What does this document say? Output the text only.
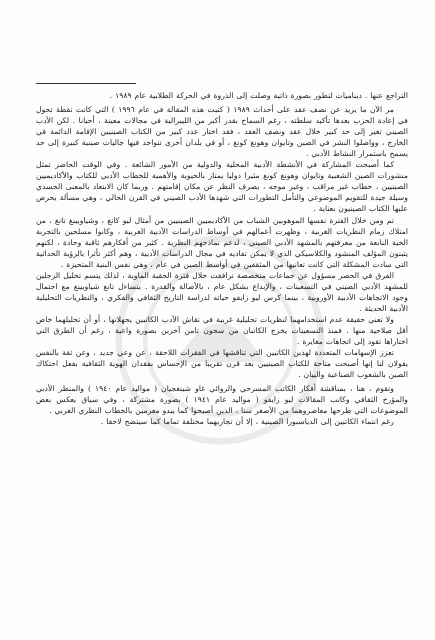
التراجع عنها . ديناميات لتطور بصورة ذاتية وصلت إلى الذروة في الحركة الطلابية عام ١٩٨٩ .

مر الآن ما يزيد عن نصف عقد على أحداث ١٩٨٩ ( كتبت هذه المقالة في عام ١٩٩٦ ) التي كانت نقطة تحول في إعادة الحزب بعدها تأكيد سلطته ، رغم السماح بقدر أكبر من الليبرالية في مجالات معينة ، أحيانا . لكن الأدب الصيني تغير إلى حد كبير خلال عقد ونصف العقد ، فقد اختار عدد كبير من الكتاب الصينيين الإقامة الدائمة في الخارج ، وواصلوا النشر في الصين وتايوان وهونغ كونغ ، أو في بلدان أخرى تتواجد فيها جاليات صينية كبيرة إلى حد يسمح باستمرار النشاط الأدبي .

كما أصبحت المشاركة في الأنشطة الأدبية المحلية والدولية من الأمور الشائعة . وفي الوقت الحاضر تمثل منشورات الصين الشعبية وتايوان وهونغ كونغ مثيرا دوليا يمتاز بالحيوية والأهمية للخطاب الأدبي للكتاب والأكاديميين الصينيين ، خطاب غير مراقب ، وغير موجه ، بصرف النظر عن مكان إقامتهم . وربما كان الابتعاد بالمعنى الجسدي وسيلة جيدة للتقويم الموضوعي والتأمل التطورات التي شهدها الأدب الصيني في القرن الحالي ، وهي مسألة يحرص عليها الكتاب الصينيون بعناية .

تم ومن خلال الفترة نفسها الموهوبين الشباب من الأكاديميين الصينيين من أمثال ليو كانغ ، وشياوبينغ تانغ ، من امتلاك زمام النظريات الغربية ، وظهرت أعمالهم في أوساط الدراسات الأدبية الغربية ، وكانوا مسلحين بالتجربة الحية النابعة من معرفتهم بالمشهد الأدبي الصيني ، لدعم نماذجهم النظرية . كثير من أفكارهم ثاقبة وحادة ، لكنهم يتبنون المؤلف المنشود والكلاسيكي الذي لا يمكن تفاديه في مجال الدراسات الأدبية ، وهم أكثر تأثرا بالرؤية الحداثية التي سادت المشكلة التي كانت تعانيها من المثقفين في أواسط الصين في عام ، وهي نفس البنية المتحيزة .

الفرق في الحصر مسؤول عن جماعات متخصصة ترافقت خلال فترة الحقبة الماوية ، لذلك يتسم تحليل الرجلين للمشهد الأدبي الصيني في التسعينات ، والإبداع بشكل عام ، بالأصالة والقدرة . يتساءل تانغ شياوبينغ مع احتمال وجود الاتجاهات الأدبية الأوروبية ، بينما كرس ليو زايفو حياته لدراسة التاريخ الثقافي والفكري ، والنظريات التحليلية الأدبية الحديثة .

ولا تعني حقيقة عدم استخدامهما لنظريات تحليلية غربية في نقاش الأدب الكاتبين يجهلانها ، أو أن تحليلهما خاص أقل صلاحية منها . فمنذ التسعينات يخرج الكاتبان من سجون تامن آخرين بصورة واعية ، رغم أن الطرق التي اختاراها تقود إلى اتجاهات مغايرة .

تعزز الإسهامات المتعددة لهذين الكاتبين التي تناقشها في الفقرات اللاحقة ، عن وعي جديد ، وعن ثقة بالنفس يقولان لنا إنها أصبحت متاحة للكتاب الصينيين بعد قرن تقريبا من الإحساس بفقدان الهوية الثقافية بفعل احتكاك الصين بالشعوب الصناعية والبيان .

وتقوم ، هنا ، بمناقشة أفكار الكاتب المسرحي والروائي غاو شينغجيان ( مواليد عام ١٩٤٠ ) والمنظر الأدبي والمؤرخ الثقافي وكاتب المقالات ليو زايفو ( مواليد عام ١٩٤١ ) بصورة مشتركة ، وفي سياق يعكس بعض الموضوعات التي طرحها معاصروهما من الأصغر سنا ، الذين أصبحوا كما يبدو مغرمين بالخطاب النظري الغربي .

رغم انتماء الكاتبين إلى الدياسبورا الصينية ، إلا أن تجاربهما مختلفة تماما كما سيتضح لاحقا .
